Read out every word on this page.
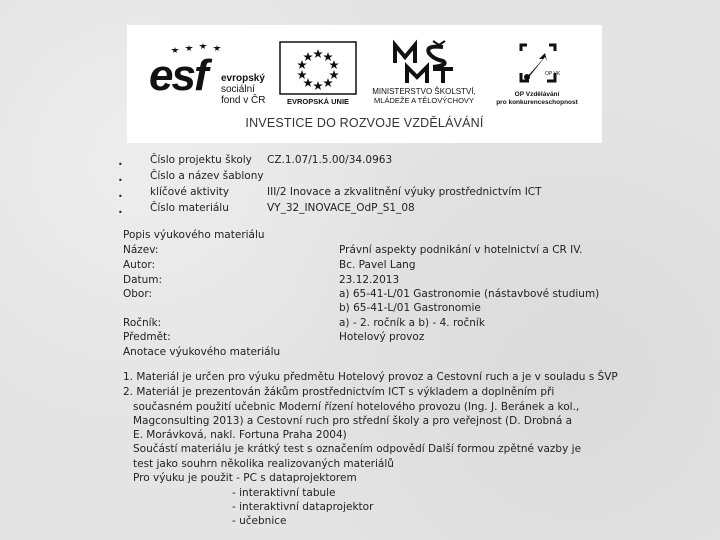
esf evropský
sociální
fond v ČR	EVROPSKÁ UNIE
MINISTERSTVO ŠKOLSTVÍ,
MLÁDEŽE A TĚLOVÝCHOVY
OP VK
OP Vzdělávání
pro konkurenceschopnost
INVESTICE DO ROZVOJE VZDĚLÁVÁNÍ
•	Číslo projektu školy CZ.1.07/1.5.00/34.0963
•	Číslo a název šablony
•	klíčové aktivity	III/2 Inovace a zkvalitnění výuky prostřednictvím ICT
•	Číslo materiálu	VY_32_INOVACE_OdP_S1_08
Popis výukového materiálu
Název:	Právní aspekty podnikání v hotelnictví a CR IV.
Autor:	Bc. Pavel Lang
Datum:	23.12.2013
Obor:	a) 65-41-L/01 Gastronomie (nástavbové studium)
b) 65-41-L/01 Gastronomie
Ročník:	a) - 2. ročník a b) - 4. ročník
Předmět:	Hotelový provoz
Anotace výukového materiálu
1. Materiál je určen pro výuku předmětu Hotelový provoz a Cestovní ruch a je v souladu s ŠVP
2. Materiál je prezentován žákům prostřednictvím ICT s výkladem a doplněním při
současném použití učebnic Moderní řízení hotelového provozu (Ing. J. Beránek a kol.,
Magconsulting 2013) a Cestovní ruch pro střední školy a pro veřejnost (D. Drobná a
E. Morávková, nakl. Fortuna Praha 2004)
Součástí materiálu je krátký test s označením odpovědí Další formou zpětné vazby je
test jako souhrn několika realizovaných materiálů
Pro výuku je použit - PC s dataprojektorem
- interaktivní tabule
- interaktivní dataprojektor
- učebnice
